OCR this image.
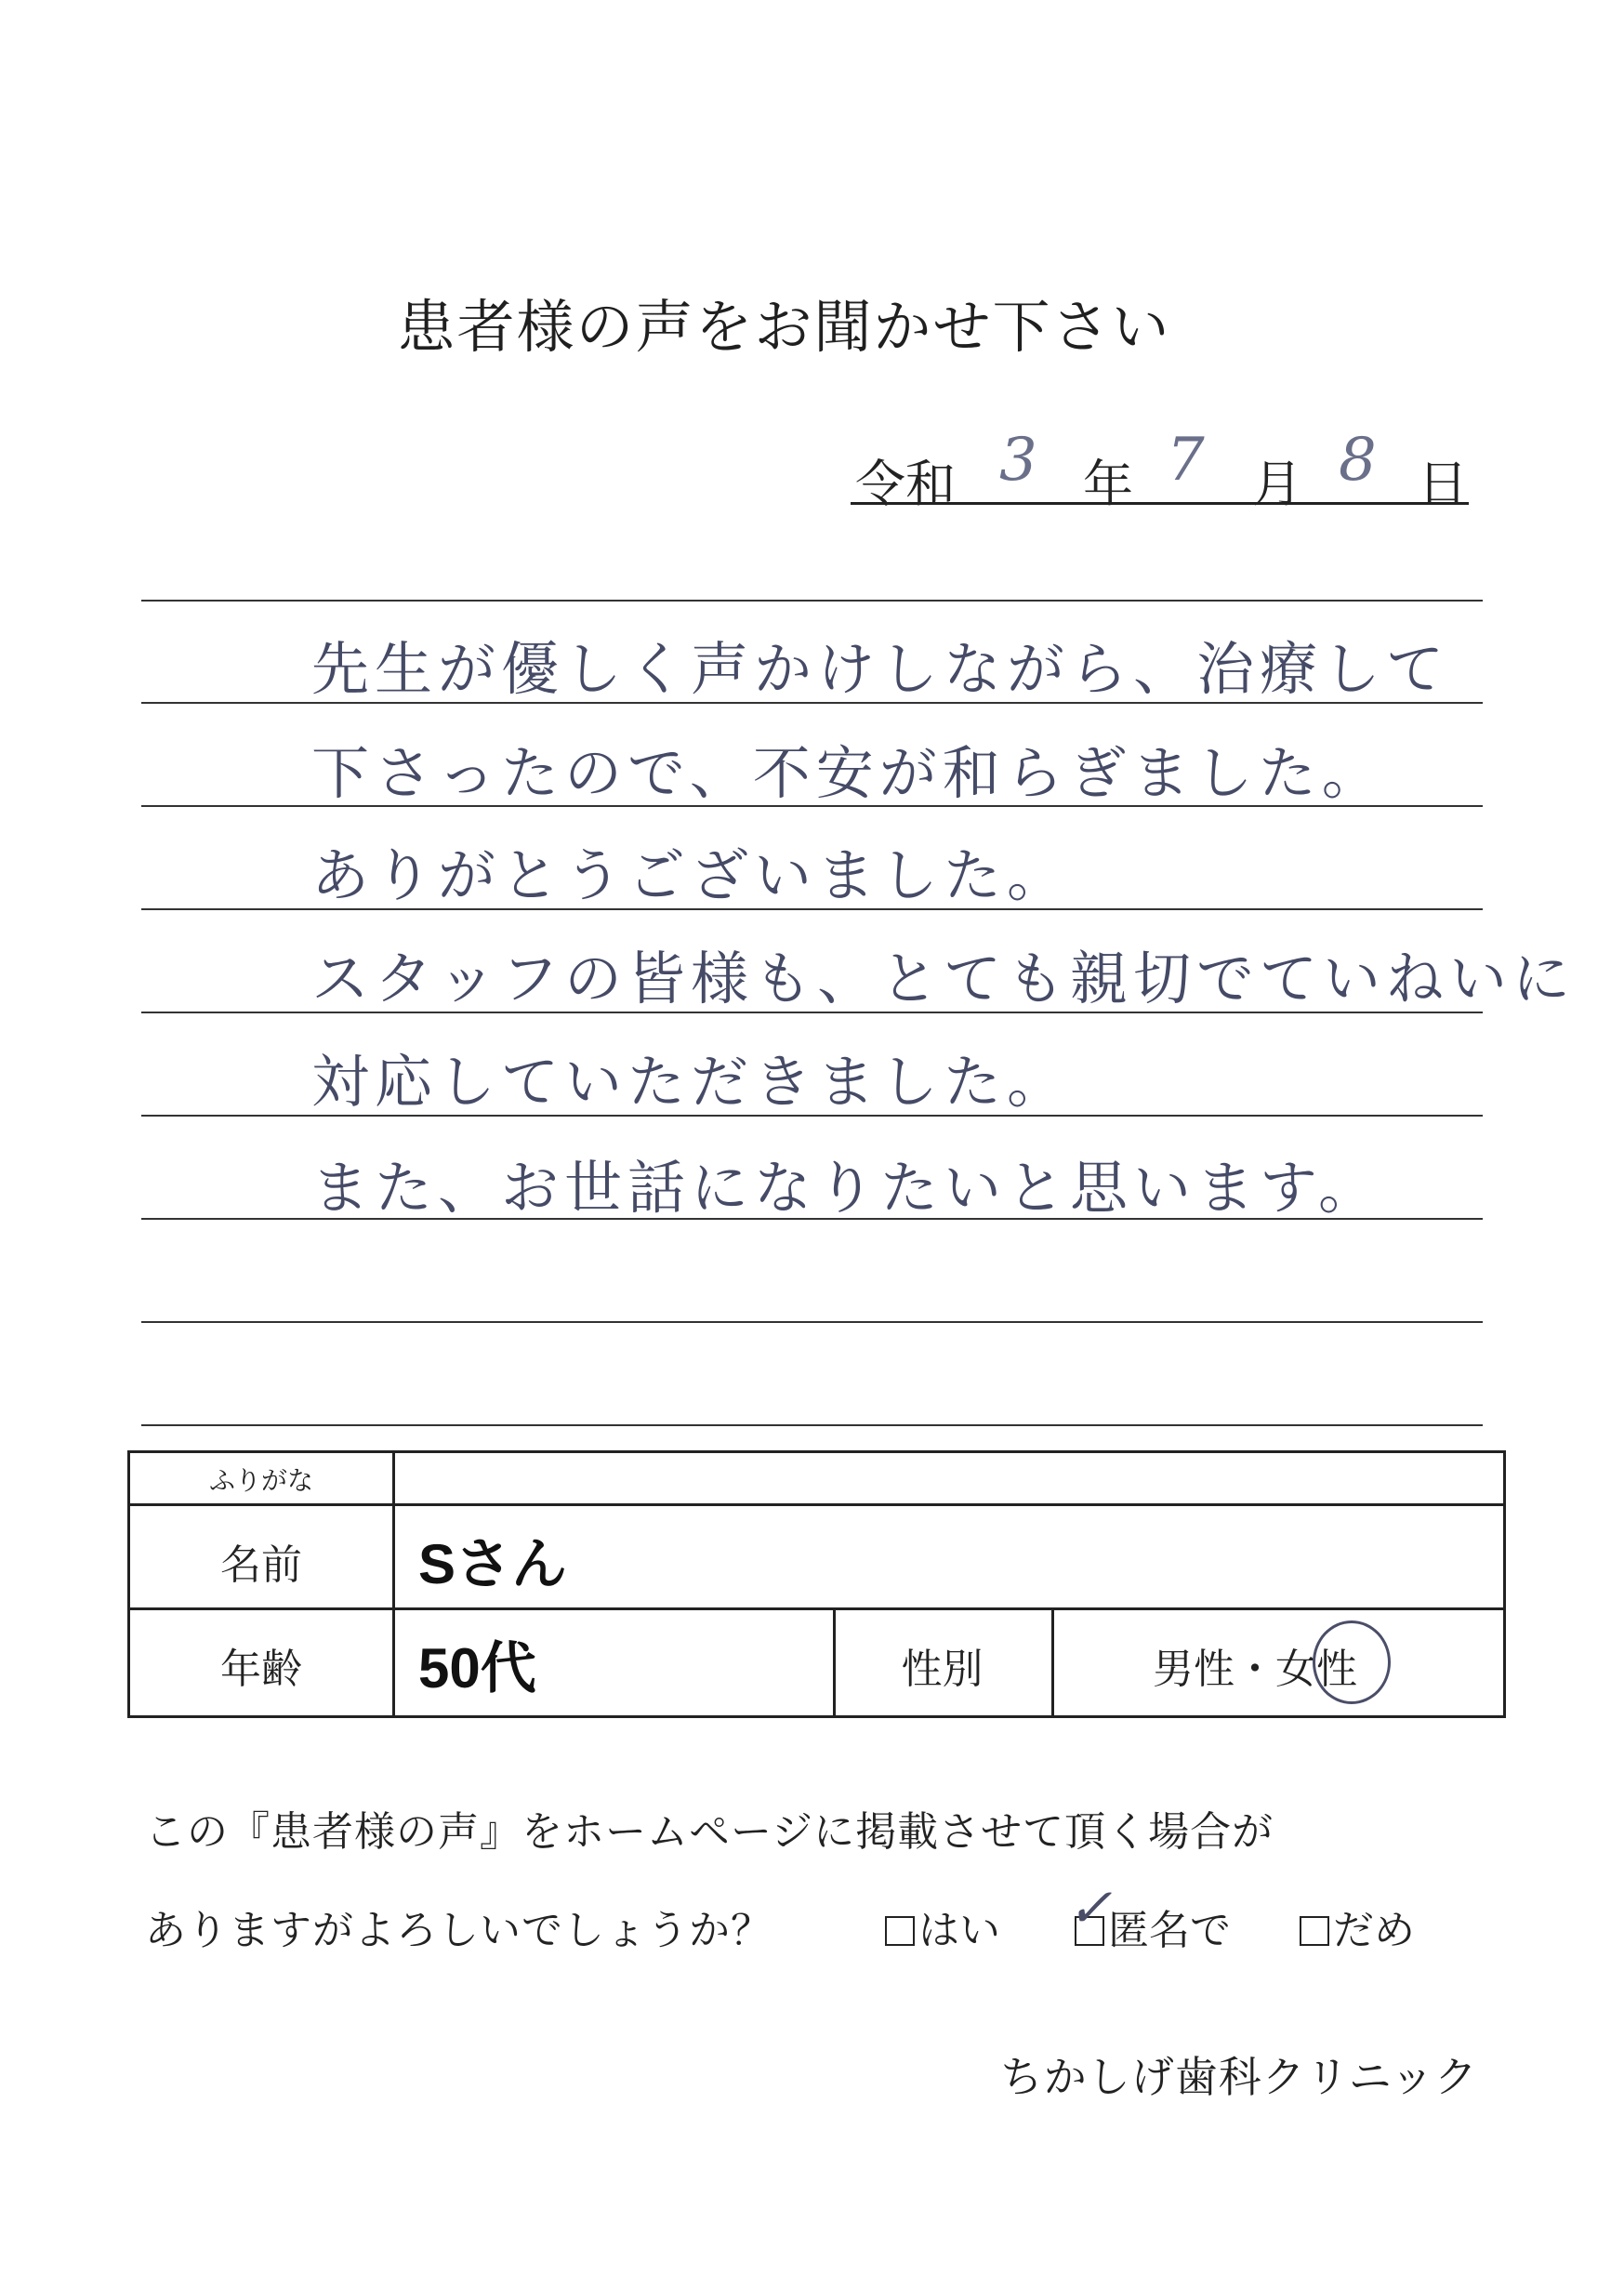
患者様の声をお聞かせ下さい
令和 3 年 7 月 8 日
先生が優しく声かけしながら、治療して
下さったので、不安が和らぎました。
ありがとうございました。
スタッフの皆様も、とても親切でていねいに
対応していただきました。
また、お世話になりたいと思います。
ふりがな
名前	Sさん
年齢	50代	性別	男性・女性
この『患者様の声』をホームページに掲載させて頂く場合が
ありますがよろしいでしょうか？	はい	匿名で
✓	だめ
ちかしげ歯科クリニック
